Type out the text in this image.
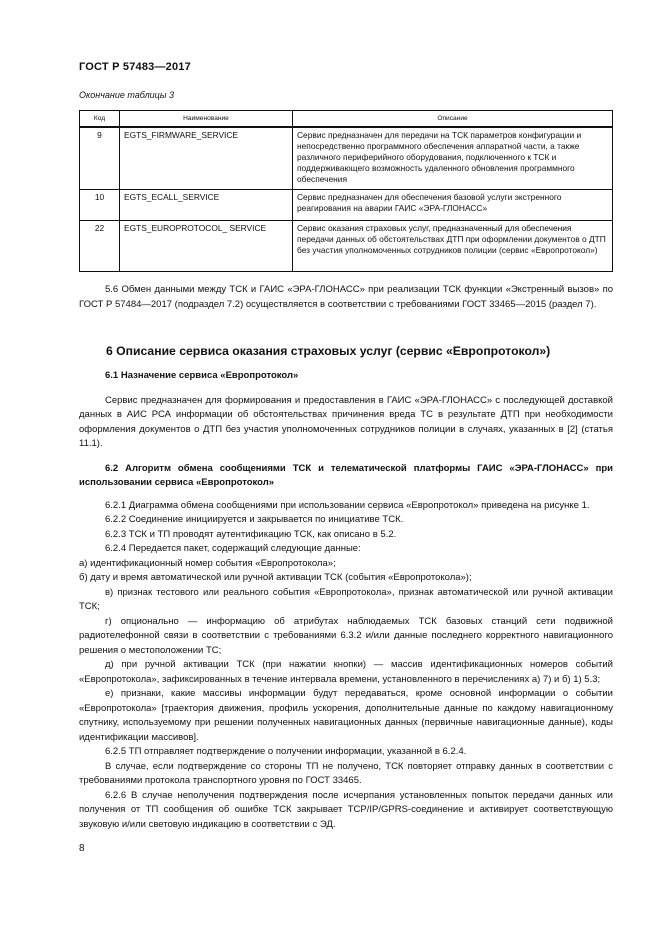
ГОСТ Р 57483—2017
Окончание таблицы 3
Код	Наименование	Описание
9	EGTS_FIRMWARE_SERVICE	Сервис предназначен для передачи на ТСК параметров конфигурации и непосредственно программного обеспечения аппаратной части, а также различного периферийного оборудования, подключенного к ТСК и поддерживающего возможность удаленного обновления программного обеспечения
10	EGTS_ECALL_SERVICE	Сервис предназначен для обеспечения базовой услуги экстренного реагирования на аварии ГАИС «ЭРА-ГЛОНАСС»
22	EGTS_EUROPROTOCOL_ SERVICE	Сервис оказания страховых услуг, предназначенный для обеспечения передачи данных об обстоятельствах ДТП при оформлении документов о ДТП без участия уполномоченных сотрудников полиции (сервис «Европротокол»)

5.6 Обмен данными между ТСК и ГАИС «ЭРА-ГЛОНАСС» при реализации ТСК функции «Экстренный вызов» по ГОСТ Р 57484—2017 (подраздел 7.2) осуществляется в соответствии с требованиями ГОСТ 33465—2015 (раздел 7).

6 Описание сервиса оказания страховых услуг (сервис «Европротокол»)

6.1 Назначение сервиса «Европротокол»

Сервис предназначен для формирования и предоставления в ГАИС «ЭРА-ГЛОНАСС» с последующей доставкой данных в АИС РСА информации об обстоятельствах причинения вреда ТС в результате ДТП при необходимости оформления документов о ДТП без участия уполномоченных сотрудников полиции в случаях, указанных в [2] (статья 11.1).

6.2 Алгоритм обмена сообщениями ТСК и телематической платформы ГАИС «ЭРА-ГЛОНАСС» при использовании сервиса «Европротокол»

6.2.1 Диаграмма обмена сообщениями при использовании сервиса «Европротокол» приведена на рисунке 1.

6.2.2 Соединение инициируется и закрывается по инициативе ТСК.

6.2.3 ТСК и ТП проводят аутентификацию ТСК, как описано в 5.2.

6.2.4 Передается пакет, содержащий следующие данные:

а) идентификационный номер события «Европротокола»;

б) дату и время автоматической или ручной активации ТСК (события «Европротокола»);

в) признак тестового или реального события «Европротокола», признак автоматической или ручной активации ТСК;

г) опционально — информацию об атрибутах наблюдаемых ТСК базовых станций сети подвижной радиотелефонной связи в соответствии с требованиями 6.3.2 и/или данные последнего корректного навигационного решения о местоположении ТС;

д) при ручной активации ТСК (при нажатии кнопки) — массив идентификационных номеров событий «Европротокола», зафиксированных в течение интервала времени, установленного в перечислениях а) 7) и б) 1) 5.3;

е) признаки, какие массивы информации будут передаваться, кроме основной информации о событии «Европротокола» [траектория движения, профиль ускорения, дополнительные данные по каждому навигационному спутнику, используемому при решении полученных навигационных данных (первичные навигационные данные), коды идентификации массивов].

6.2.5 ТП отправляет подтверждение о получении информации, указанной в 6.2.4.

В случае, если подтверждение со стороны ТП не получено, ТСК повторяет отправку данных в соответствии с требованиями протокола транспортного уровня по ГОСТ 33465.

6.2.6 В случае неполучения подтверждения после исчерпания установленных попыток передачи данных или получения от ТП сообщения об ошибке ТСК закрывает TCP/IP/GPRS-соединение и активирует соответствующую звуковую и/или световую индикацию в соответствии с ЭД.

8
